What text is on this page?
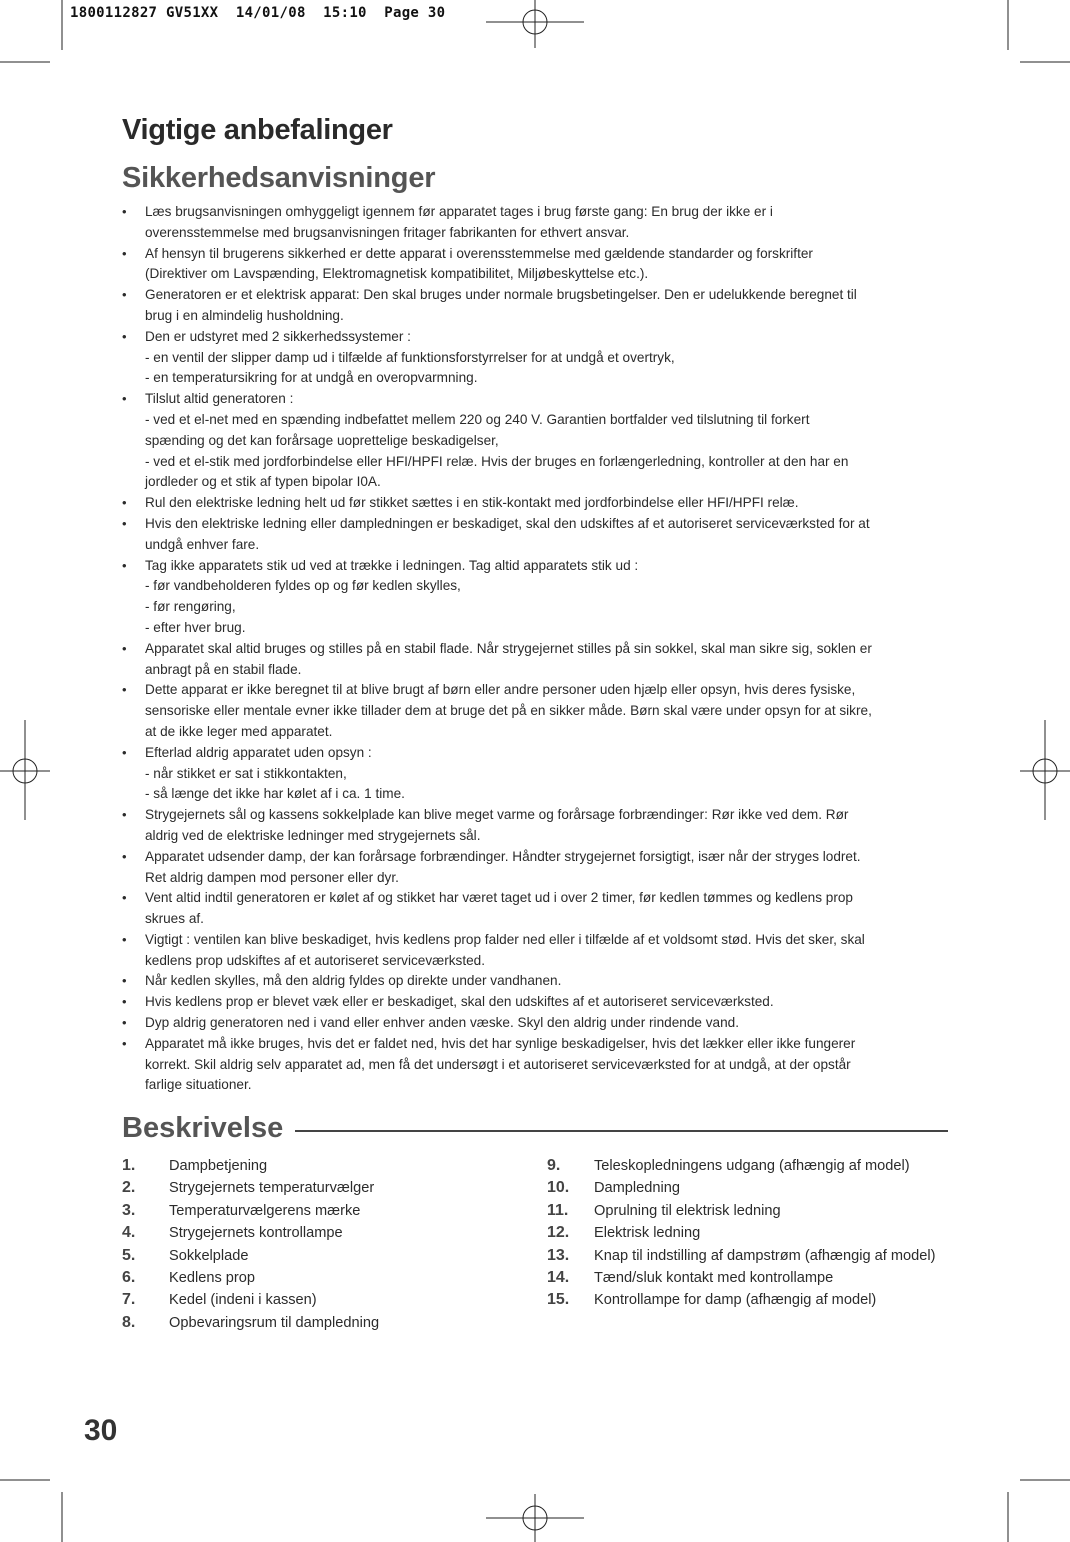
1800112827 GV51XX  14/01/08  15:10  Page 30
Vigtige anbefalinger
Sikkerhedsanvisninger
• Læs brugsanvisningen omhyggeligt igennem før apparatet tages i brug første gang: En brug der ikke er i
overensstemmelse med brugsanvisningen fritager fabrikanten for ethvert ansvar.
• Af hensyn til brugerens sikkerhed er dette apparat i overensstemmelse med gældende standarder og forskrifter
(Direktiver om Lavspænding, Elektromagnetisk kompatibilitet, Miljøbeskyttelse etc.).
• Generatoren er et elektrisk apparat: Den skal bruges under normale brugsbetingelser. Den er udelukkende beregnet til
brug i en almindelig husholdning.
• Den er udstyret med 2 sikkerhedssystemer :
- en ventil der slipper damp ud i tilfælde af funktionsforstyrrelser for at undgå et overtryk,
- en temperatursikring for at undgå en overopvarmning.
• Tilslut altid generatoren :
- ved et el-net med en spænding indbefattet mellem 220 og 240 V. Garantien bortfalder ved tilslutning til forkert
spænding og det kan forårsage uoprettelige beskadigelser,
- ved et el-stik med jordforbindelse eller HFI/HPFI relæ. Hvis der bruges en forlængerledning, kontroller at den har en
jordleder og et stik af typen bipolar I0A.
• Rul den elektriske ledning helt ud før stikket sættes i en stik-kontakt med jordforbindelse eller HFI/HPFI relæ.
• Hvis den elektriske ledning eller dampledningen er beskadiget, skal den udskiftes af et autoriseret serviceværksted for at
undgå enhver fare.
• Tag ikke apparatets stik ud ved at trække i ledningen. Tag altid apparatets stik ud :
- før vandbeholderen fyldes op og før kedlen skylles,
- før rengøring,
- efter hver brug.
• Apparatet skal altid bruges og stilles på en stabil flade. Når strygejernet stilles på sin sokkel, skal man sikre sig, soklen er
anbragt på en stabil flade.
• Dette apparat er ikke beregnet til at blive brugt af børn eller andre personer uden hjælp eller opsyn, hvis deres fysiske,
sensoriske eller mentale evner ikke tillader dem at bruge det på en sikker måde. Børn skal være under opsyn for at sikre,
at de ikke leger med apparatet.
• Efterlad aldrig apparatet uden opsyn :
- når stikket er sat i stikkontakten,
- så længe det ikke har kølet af i ca. 1 time.
• Strygejernets sål og kassens sokkelplade kan blive meget varme og forårsage forbrændinger: Rør ikke ved dem. Rør
aldrig ved de elektriske ledninger med strygejernets sål.
• Apparatet udsender damp, der kan forårsage forbrændinger. Håndter strygejernet forsigtigt, især når der stryges lodret.
Ret aldrig dampen mod personer eller dyr.
• Vent altid indtil generatoren er kølet af og stikket har været taget ud i over 2 timer, før kedlen tømmes og kedlens prop
skrues af.
• Vigtigt : ventilen kan blive beskadiget, hvis kedlens prop falder ned eller i tilfælde af et voldsomt stød. Hvis det sker, skal
kedlens prop udskiftes af et autoriseret serviceværksted.
• Når kedlen skylles, må den aldrig fyldes op direkte under vandhanen.
• Hvis kedlens prop er blevet væk eller er beskadiget, skal den udskiftes af et autoriseret serviceværksted.
• Dyp aldrig generatoren ned i vand eller enhver anden væske. Skyl den aldrig under rindende vand.
• Apparatet må ikke bruges, hvis det er faldet ned, hvis det har synlige beskadigelser, hvis det lækker eller ikke fungerer
korrekt. Skil aldrig selv apparatet ad, men få det undersøgt i et autoriseret serviceværksted for at undgå, at der opstår
farlige situationer.
Beskrivelse
1.	Dampbetjening
2.	Strygejernets temperaturvælger
3.	Temperaturvælgerens mærke
4.	Strygejernets kontrollampe
5.	Sokkelplade
6.	Kedlens prop
7.	Kedel (indeni i kassen)
8.	Opbevaringsrum til dampledning
9.	Teleskopledningens udgang (afhængig af model)
10.	Dampledning
11.	Oprulning til elektrisk ledning
12.	Elektrisk ledning
13.	Knap til indstilling af dampstrøm (afhængig af model)
14.	Tænd/sluk kontakt med kontrollampe
15.	Kontrollampe for damp (afhængig af model)
30
